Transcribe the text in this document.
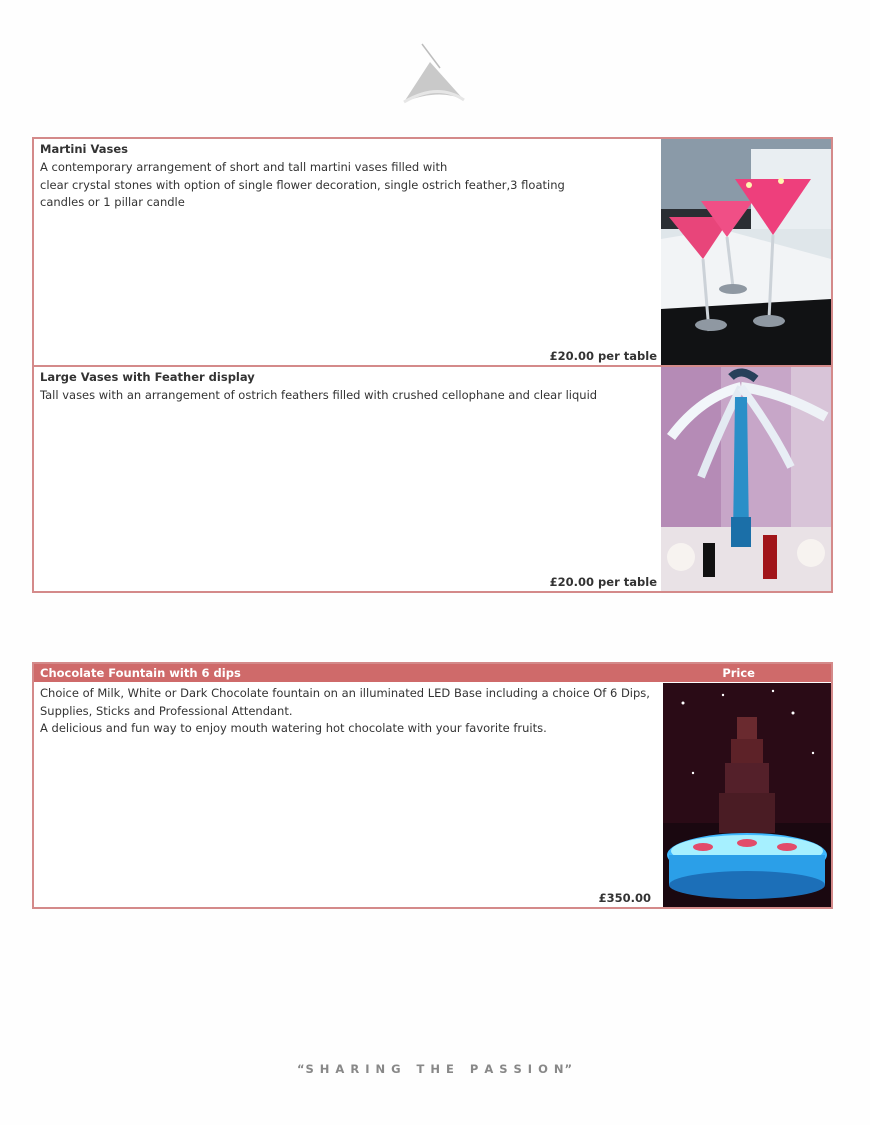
Martini Vases
A contemporary arrangement of short and tall martini vases filled with
clear crystal stones with option of single flower decoration, single ostrich feather,3 floating
candles or 1 pillar candle
£20.00 per table
Large Vases with Feather display
Tall vases with an arrangement of ostrich feathers filled with crushed cellophane and clear liquid
£20.00 per table
Chocolate Fountain with 6 dips	Price
Choice of Milk, White or Dark Chocolate fountain on an illuminated LED Base including a choice Of 6 Dips,
Supplies, Sticks and Professional Attendant.
A delicious and fun way to enjoy mouth watering hot chocolate with your favorite fruits.
£350.00
“S H A R I N G   T H E   P A S S I O N”
